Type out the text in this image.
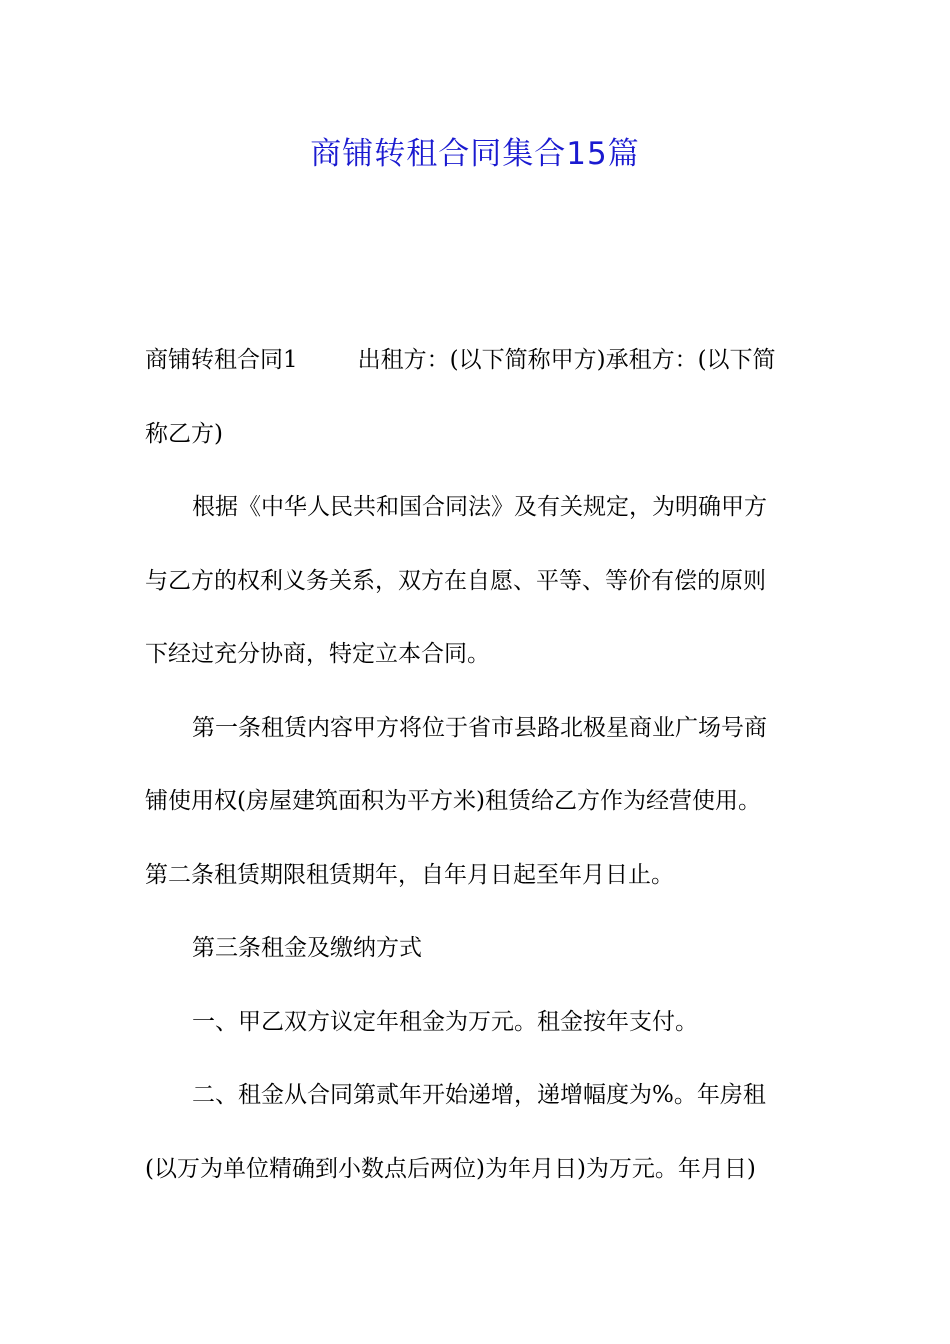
商铺转租合同集合15篇
商铺转租合同1	出租方：(以下简称甲方)承租方：(以下简
称乙方)
根据《中华人民共和国合同法》及有关规定，为明确甲方
与乙方的权利义务关系，双方在自愿、平等、等价有偿的原则
下经过充分协商，特定立本合同。
第一条租赁内容甲方将位于省市县路北极星商业广场号商
铺使用权(房屋建筑面积为平方米)租赁给乙方作为经营使用。
第二条租赁期限租赁期年，自年月日起至年月日止。
第三条租金及缴纳方式
一、甲乙双方议定年租金为万元。租金按年支付。
二、租金从合同第贰年开始递增，递增幅度为%。年房租
(以万为单位精确到小数点后两位)为年月日)为万元。年月日)
